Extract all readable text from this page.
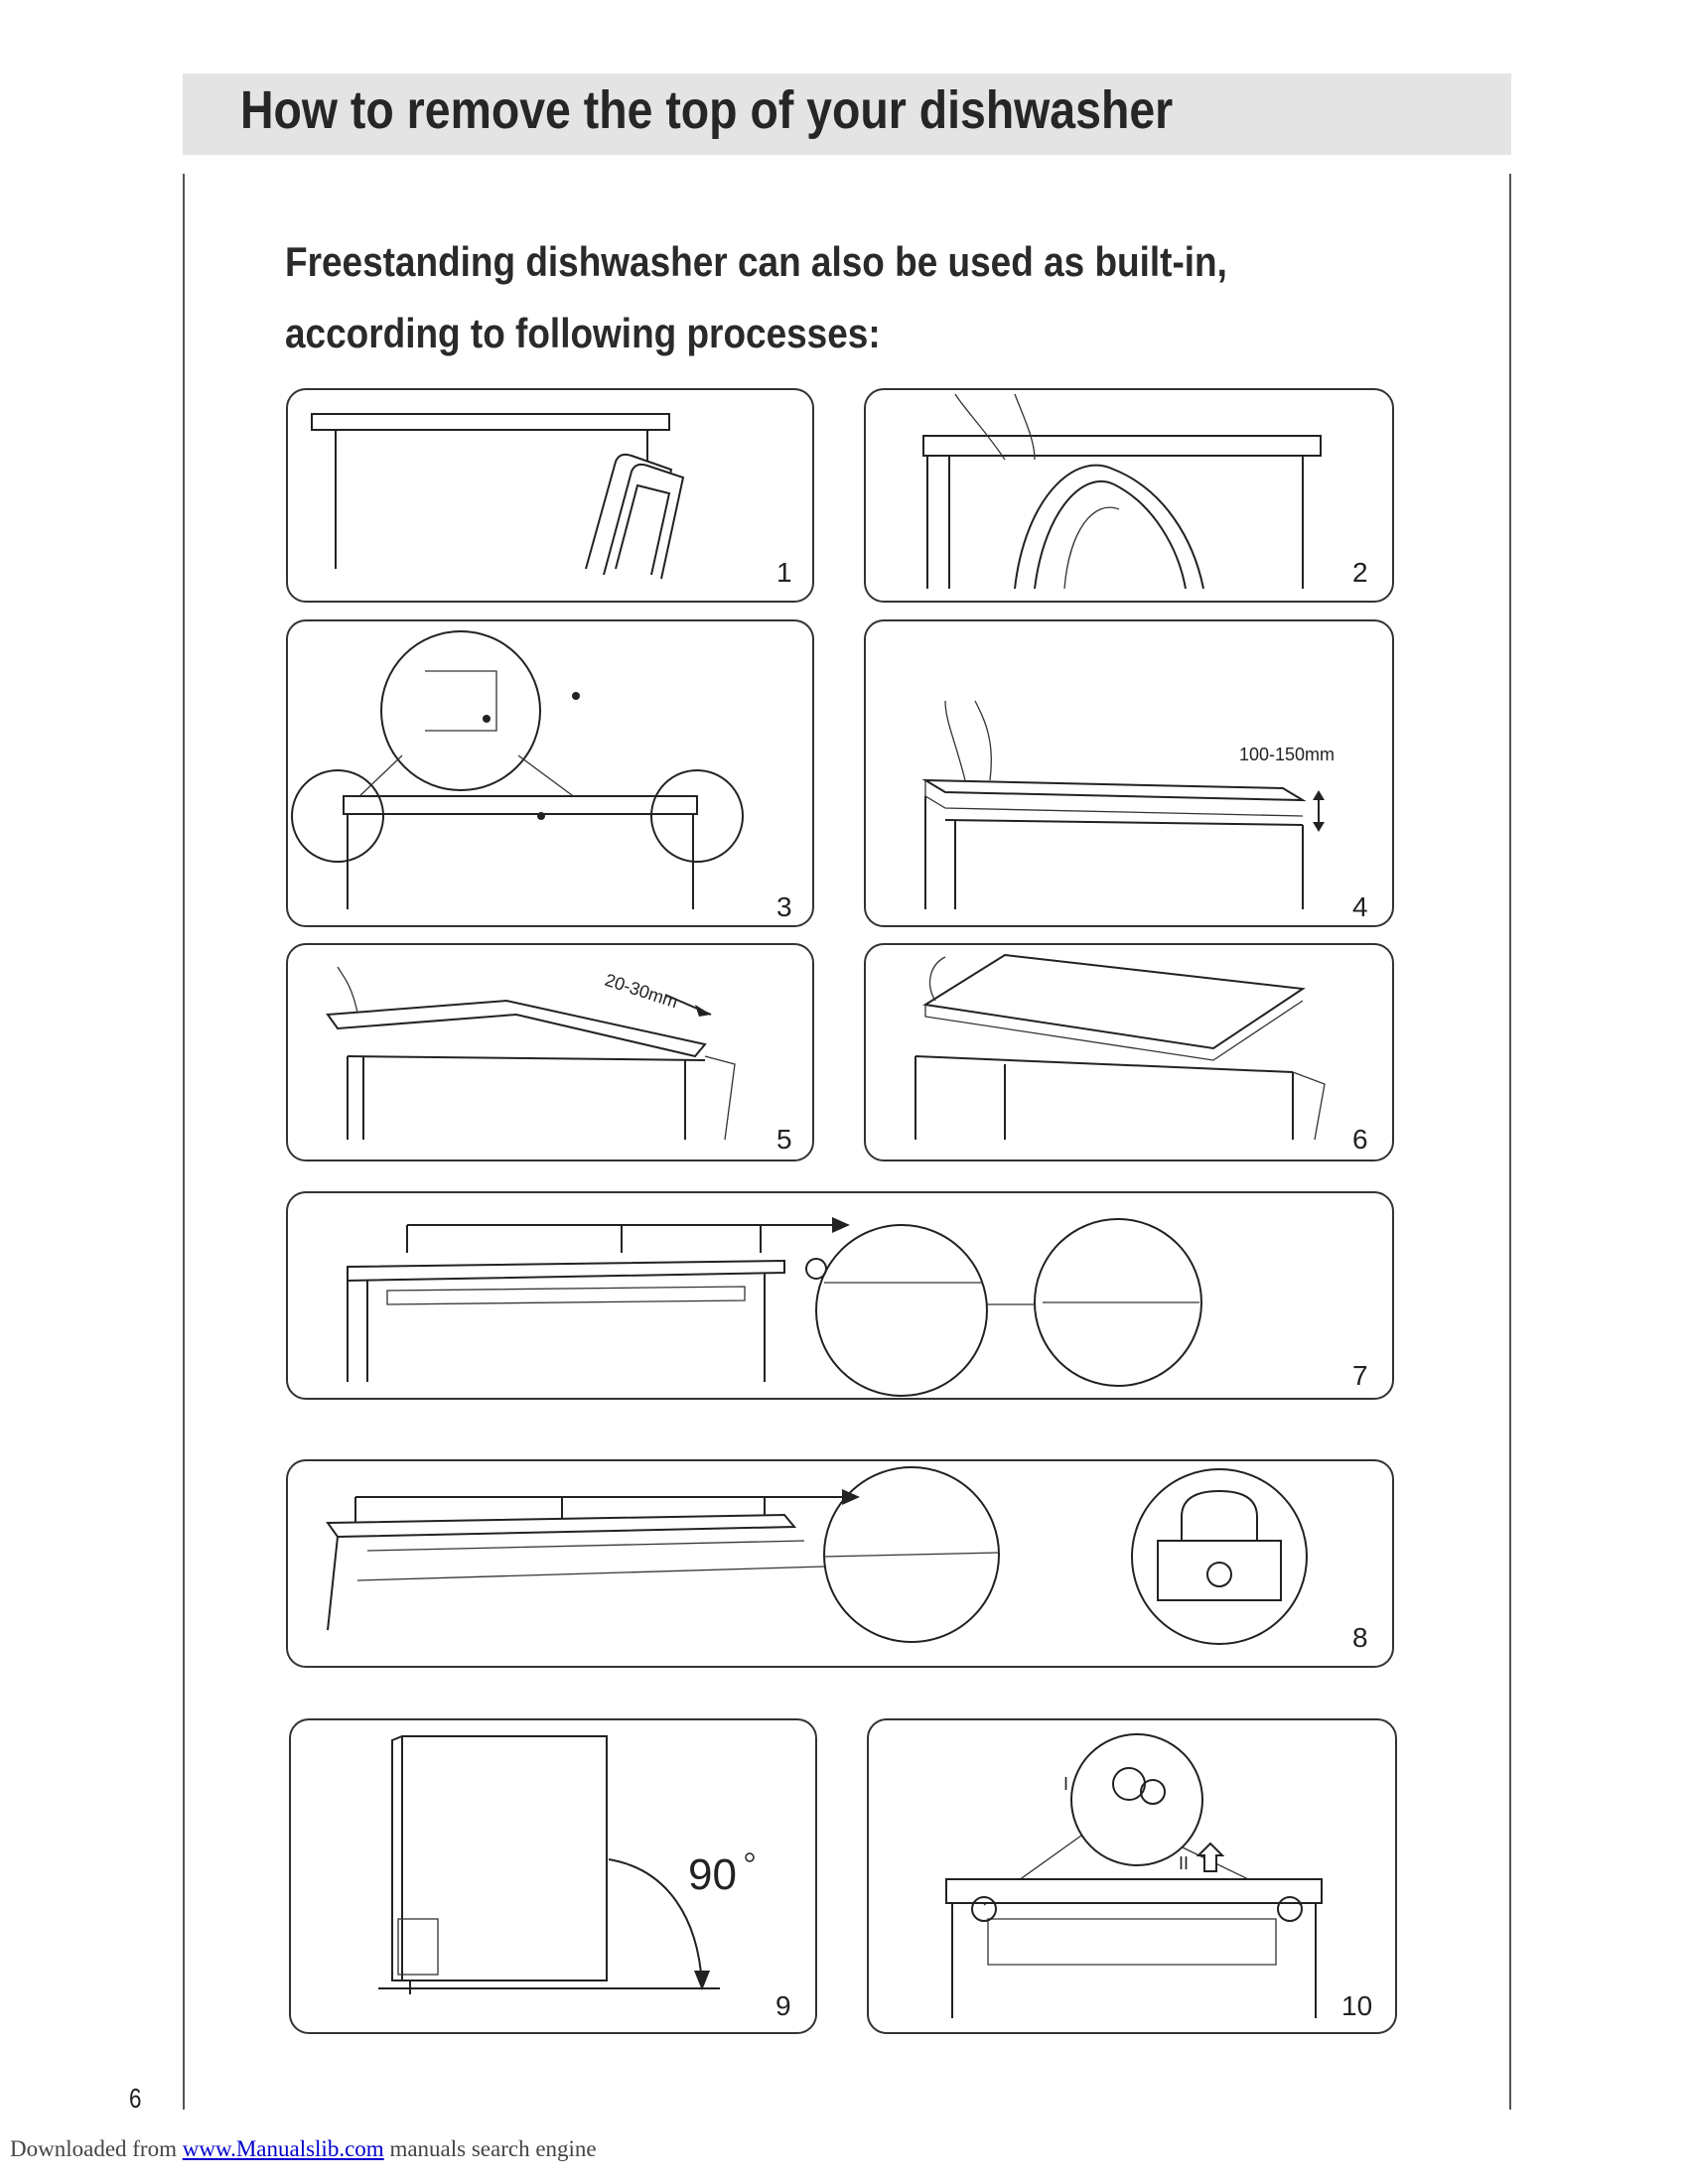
How to remove the top of your dishwasher
Freestanding dishwasher can also be used as built-in,
according to following processes:
1	2
3
100-150mm
4
20-30mm
5	6
7
8
90
9
I
II
10
6
Downloaded from www.Manualslib.com manuals search engine
